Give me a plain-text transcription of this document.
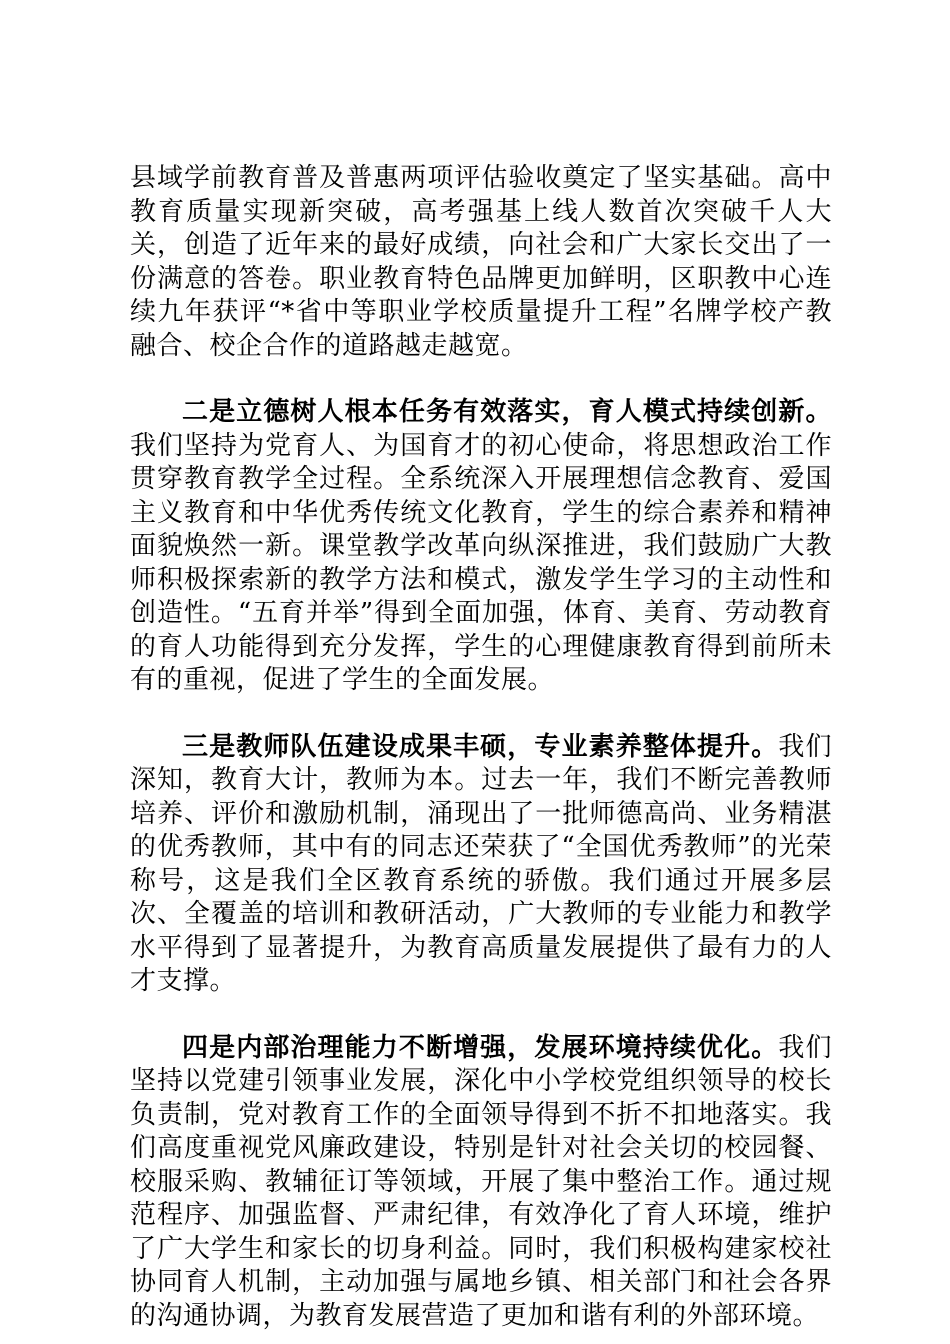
县域学前教育普及普惠两项评估验收奠定了坚实基础。高中教育质量实现新突破，高考强基上线人数首次突破千人大关，创造了近年来的最好成绩，向社会和广大家长交出了一份满意的答卷。职业教育特色品牌更加鲜明，区职教中心连续九年获评“*省中等职业学校质量提升工程”名牌学校产教融合、校企合作的道路越走越宽。

二是立德树人根本任务有效落实，育人模式持续创新。我们坚持为党育人、为国育才的初心使命，将思想政治工作贯穿教育教学全过程。全系统深入开展理想信念教育、爱国主义教育和中华优秀传统文化教育，学生的综合素养和精神面貌焕然一新。课堂教学改革向纵深推进，我们鼓励广大教师积极探索新的教学方法和模式，激发学生学习的主动性和创造性。“五育并举”得到全面加强，体育、美育、劳动教育的育人功能得到充分发挥，学生的心理健康教育得到前所未有的重视，促进了学生的全面发展。

三是教师队伍建设成果丰硕，专业素养整体提升。我们深知，教育大计，教师为本。过去一年，我们不断完善教师培养、评价和激励机制，涌现出了一批师德高尚、业务精湛的优秀教师，其中有的同志还荣获了“全国优秀教师”的光荣称号，这是我们全区教育系统的骄傲。我们通过开展多层次、全覆盖的培训和教研活动，广大教师的专业能力和教学水平得到了显著提升，为教育高质量发展提供了最有力的人才支撑。

四是内部治理能力不断增强，发展环境持续优化。我们坚持以党建引领事业发展，深化中小学校党组织领导的校长负责制，党对教育工作的全面领导得到不折不扣地落实。我们高度重视党风廉政建设，特别是针对社会关切的校园餐、校服采购、教辅征订等领域，开展了集中整治工作。通过规范程序、加强监督、严肃纪律，有效净化了育人环境，维护了广大学生和家长的切身利益。同时，我们积极构建家校社协同育人机制，主动加强与属地乡镇、相关部门和社会各界的沟通协调，为教育发展营造了更加和谐有利的外部环境。
